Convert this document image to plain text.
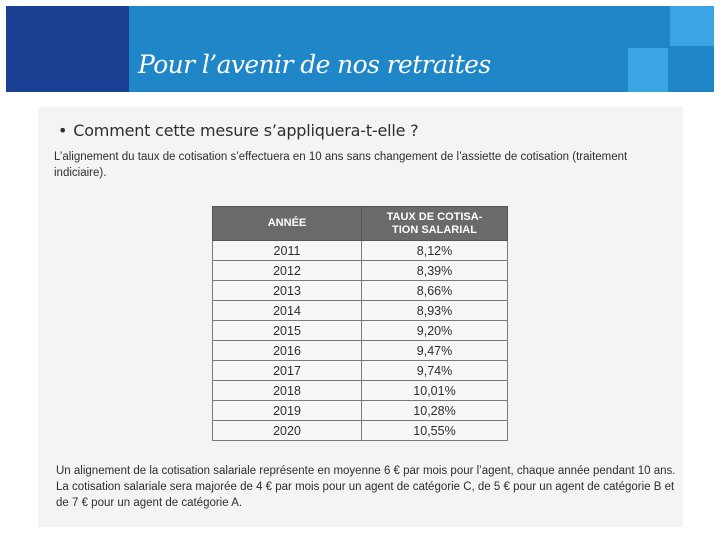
Pour l’avenir de nos retraites
• Comment cette mesure s’appliquera-t-elle ?
L’alignement du taux de cotisation s’effectuera en 10 ans sans changement de l’assiette de cotisation (traitement indiciaire).
ANNÉE	TAUX DE COTISA-
TION SALARIAL
2011	8,12%
2012	8,39%
2013	8,66%
2014	8,93%
2015	9,20%
2016	9,47%
2017	9,74%
2018	10,01%
2019	10,28%
2020	10,55%
Un alignement de la cotisation salariale représente en moyenne 6 € par mois pour l’agent, chaque année pendant 10 ans. La cotisation salariale sera majorée de 4 € par mois pour un agent de catégorie C, de 5 € pour un agent de catégorie B et de 7 € pour un agent de catégorie A.
